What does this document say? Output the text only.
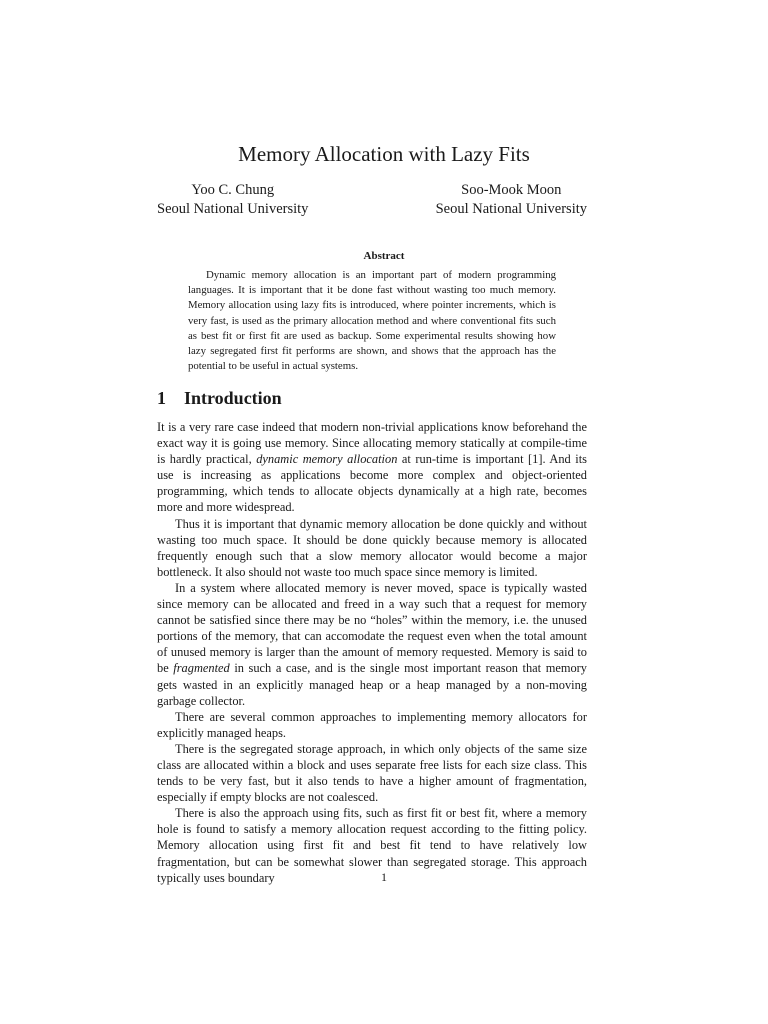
Memory Allocation with Lazy Fits
Yoo C. Chung
Seoul National University
Soo-Mook Moon
Seoul National University
Abstract

Dynamic memory allocation is an important part of modern programming languages. It is important that it be done fast without wasting too much memory. Memory allocation using lazy fits is introduced, where pointer increments, which is very fast, is used as the primary allocation method and where conventional fits such as best fit or first fit are used as backup. Some experimental results showing how lazy segregated first fit performs are shown, and shows that the approach has the potential to be useful in actual systems.

1	Introduction

It is a very rare case indeed that modern non-trivial applications know beforehand the exact way it is going use memory. Since allocating memory statically at compile-time is hardly practical, dynamic memory allocation at run-time is important [1]. And its use is increasing as applications become more complex and object-oriented programming, which tends to allocate objects dynamically at a high rate, becomes more and more widespread.

Thus it is important that dynamic memory allocation be done quickly and without wasting too much space. It should be done quickly because memory is allocated frequently enough such that a slow memory allocator would become a major bottleneck. It also should not waste too much space since memory is limited.

In a system where allocated memory is never moved, space is typically wasted since memory can be allocated and freed in a way such that a request for memory cannot be satisfied since there may be no “holes” within the memory, i.e. the unused portions of the memory, that can accomodate the request even when the total amount of unused memory is larger than the amount of memory requested. Memory is said to be fragmented in such a case, and is the single most important reason that memory gets wasted in an explicitly managed heap or a heap managed by a non-moving garbage collector.

There are several common approaches to implementing memory allocators for explicitly managed heaps.

There is the segregated storage approach, in which only objects of the same size class are allocated within a block and uses separate free lists for each size class. This tends to be very fast, but it also tends to have a higher amount of fragmentation, especially if empty blocks are not coalesced.

There is also the approach using fits, such as first fit or best fit, where a memory hole is found to satisfy a memory allocation request according to the fitting policy. Memory allocation using first fit and best fit tend to have relatively low fragmentation, but can be somewhat slower than segregated storage. This approach typically uses boundary	1
